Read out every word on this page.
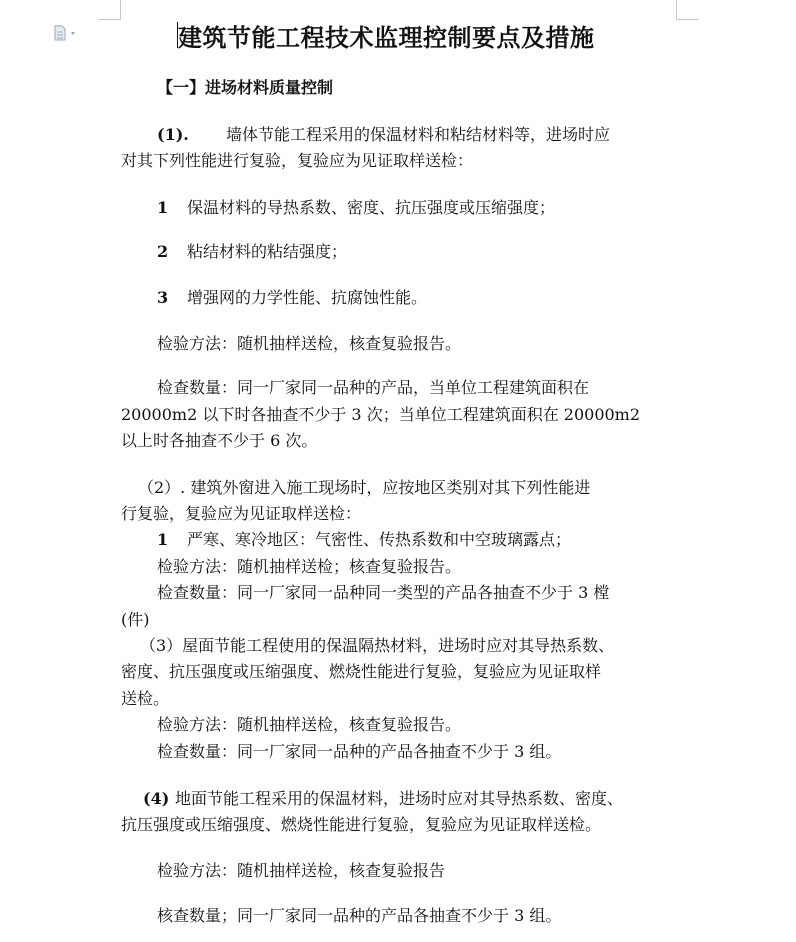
建筑节能工程技术监理控制要点及措施
【一】进场材料质量控制
(1). 墙体节能工程采用的保温材料和粘结材料等，进场时应
对其下列性能进行复验，复验应为见证取样送检：
1 保温材料的导热系数、密度、抗压强度或压缩强度；
2 粘结材料的粘结强度；
3 增强网的力学性能、抗腐蚀性能。
检验方法：随机抽样送检，核查复验报告。
检查数量：同一厂家同一品种的产品，当单位工程建筑面积在
20000m2 以下时各抽查不少于 3 次；当单位工程建筑面积在 20000m2
以上时各抽查不少于 6 次。
（2）. 建筑外窗进入施工现场时，应按地区类别对其下列性能进
行复验，复验应为见证取样送检：
1 严寒、寒冷地区：气密性、传热系数和中空玻璃露点；
检验方法：随机抽样送检；核查复验报告。
检查数量：同一厂家同一品种同一类型的产品各抽查不少于 3 樘
(件)
（3）屋面节能工程使用的保温隔热材料，进场时应对其导热系数、
密度、抗压强度或压缩强度、燃烧性能进行复验，复验应为见证取样
送检。
检验方法：随机抽样送检，核查复验报告。
检查数量：同一厂家同一品种的产品各抽查不少于 3 组。
(4) 地面节能工程采用的保温材料，进场时应对其导热系数、密度、
抗压强度或压缩强度、燃烧性能进行复验，复验应为见证取样送检。
检验方法：随机抽样送检，核查复验报告
核查数量；同一厂家同一品种的产品各抽查不少于 3 组。
